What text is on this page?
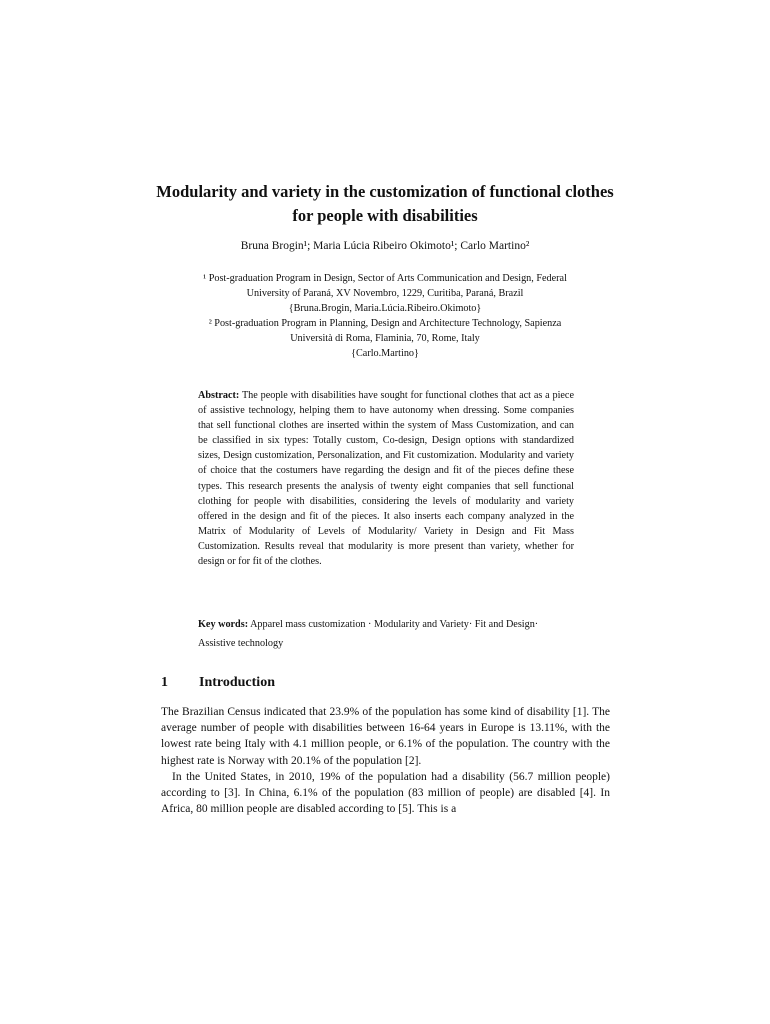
Modularity and variety in the customization of functional clothes for people with disabilities
Bruna Brogin¹; Maria Lúcia Ribeiro Okimoto¹; Carlo Martino²
¹ Post-graduation Program in Design, Sector of Arts Communication and Design, Federal
University of Paraná, XV Novembro, 1229, Curitiba, Paraná, Brazil
{Bruna.Brogin, Maria.Lúcia.Ribeiro.Okimoto}
² Post-graduation Program in Planning, Design and Architecture Technology, Sapienza
Università di Roma, Flaminia, 70, Rome, Italy
{Carlo.Martino}
Abstract: The people with disabilities have sought for functional clothes that act as a piece of assistive technology, helping them to have autonomy when dressing. Some companies that sell functional clothes are inserted within the system of Mass Customization, and can be classified in six types: Totally custom, Co-design, Design options with standardized sizes, Design customization, Personalization, and Fit customization. Modularity and variety of choice that the costumers have regarding the design and fit of the pieces define these types. This research presents the analysis of twenty eight companies that sell functional clothing for people with disabilities, considering the levels of modularity and variety offered in the design and fit of the pieces. It also inserts each company analyzed in the Matrix of Modularity of Levels of Modularity/ Variety in Design and Fit Mass Customization. Results reveal that modularity is more present than variety, whether for design or for fit of the clothes.
Key words: Apparel mass customization · Modularity and Variety· Fit and Design· Assistive technology
1 Introduction

The Brazilian Census indicated that 23.9% of the population has some kind of disability [1]. The average number of people with disabilities between 16-64 years in Europe is 13.11%, with the lowest rate being Italy with 4.1 million people, or 6.1% of the population. The country with the highest rate is Norway with 20.1% of the population [2].

In the United States, in 2010, 19% of the population had a disability (56.7 million people) according to [3]. In China, 6.1% of the population (83 million of people) are disabled [4]. In Africa, 80 million people are disabled according to [5]. This is a
